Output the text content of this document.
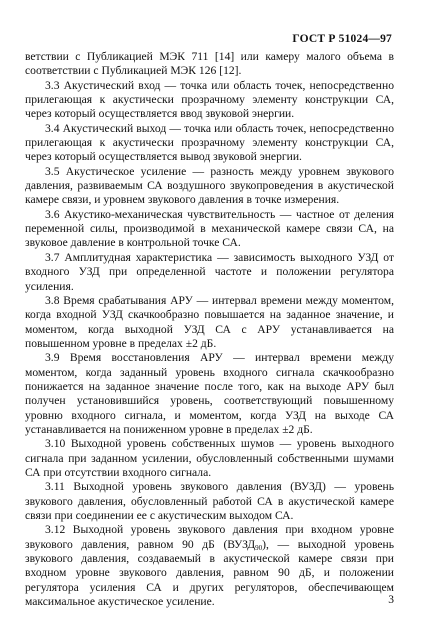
ГОСТ Р 51024—97

ветствии с Публикацией МЭК 711 [14] или камеру малого объема в соответствии с Публикацией МЭК 126 [12].

3.3 Акустический вход — точка или область точек, непосредственно прилегающая к акустически прозрачному элементу конструкции СА, через который осуществляется ввод звуковой энергии.

3.4 Акустический выход — точка или область точек, непосредственно прилегающая к акустически прозрачному элементу конструкции СА, через который осуществляется вывод звуковой энергии.

3.5 Акустическое усиление — разность между уровнем звукового давления, развиваемым СА воздушного звукопроведения в акустической камере связи, и уровнем звукового давления в точке измерения.

3.6 Акустико-механическая чувствительность — частное от деления переменной силы, производимой в механической камере связи СА, на звуковое давление в контрольной точке СА.

3.7 Амплитудная характеристика — зависимость выходного УЗД от входного УЗД при определенной частоте и положении регулятора усиления.

3.8 Время срабатывания АРУ — интервал времени между моментом, когда входной УЗД скачкообразно повышается на заданное значение, и моментом, когда выходной УЗД СА с АРУ устанавливается на повышенном уровне в пределах ±2 дБ.

3.9 Время восстановления АРУ — интервал времени между моментом, когда заданный уровень входного сигнала скачкообразно понижается на заданное значение после того, как на выходе АРУ был получен установившийся уровень, соответствующий повышенному уровню входного сигнала, и моментом, когда УЗД на выходе СА устанавливается на пониженном уровне в пределах ±2 дБ.

3.10 Выходной уровень собственных шумов — уровень выходного сигнала при заданном усилении, обусловленный собственными шумами СА при отсутствии входного сигнала.

3.11 Выходной уровень звукового давления (ВУЗД) — уровень звукового давления, обусловленный работой СА в акустической камере связи при соединении ее с акустическим выходом СА.

3.12 Выходной уровень звукового давления при входном уровне звукового давления, равном 90 дБ $(ВУЗД_{90})$, — выходной уровень звукового давления, создаваемый в акустической камере связи при входном уровне звукового давления, равном 90 дБ, и положении регулятора усиления СА и других регуляторов, обеспечивающем максимальное акустическое усиление.	3
